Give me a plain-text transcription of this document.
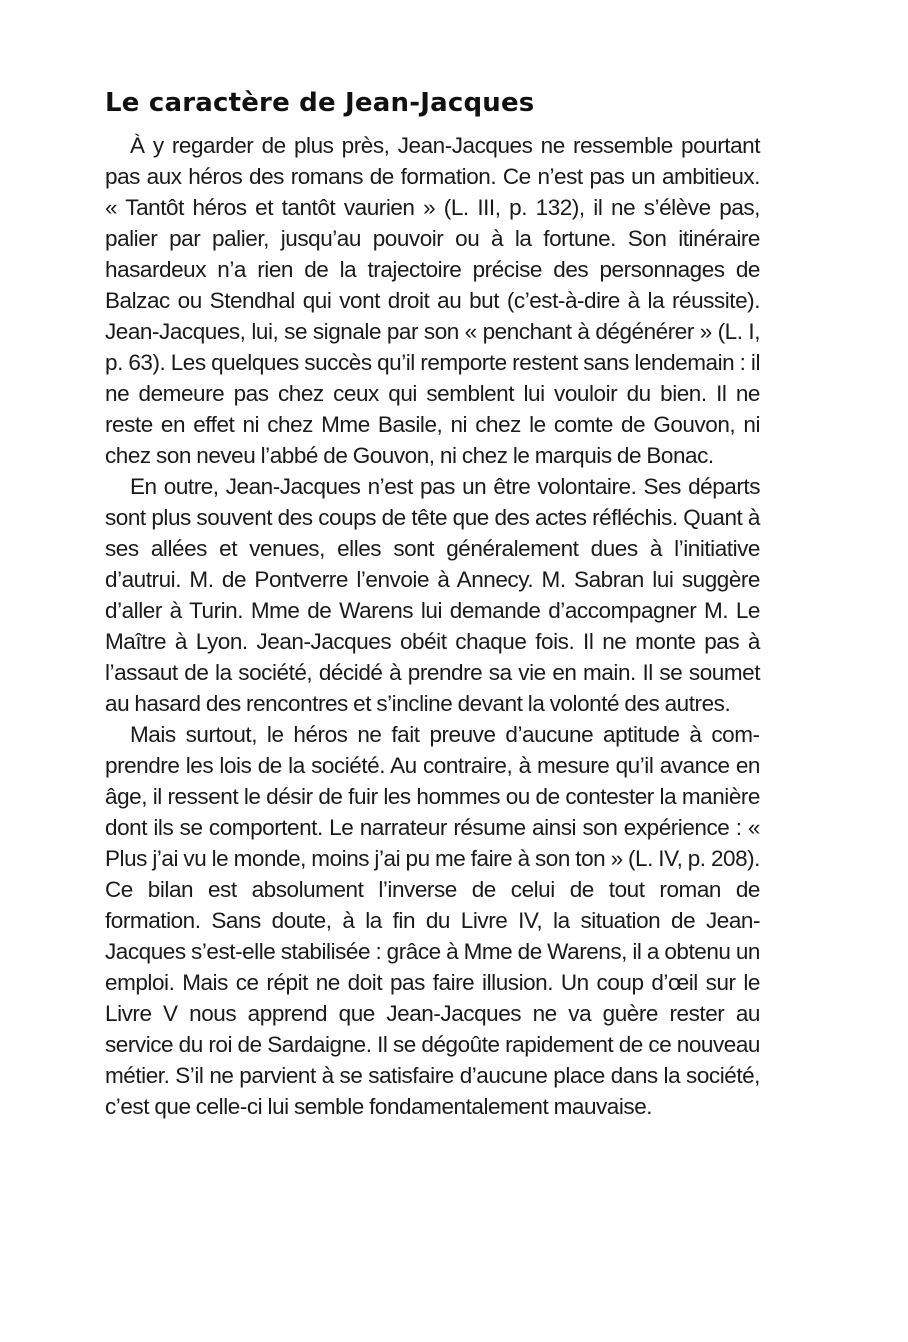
Le caractère de Jean-Jacques

À y regarder de plus près, Jean-Jacques ne ressemble pourtant pas aux héros des romans de formation. Ce n’est pas un ambitieux. « Tantôt héros et tantôt vaurien » (L. III, p. 132), il ne s’élève pas, palier par palier, jusqu’au pouvoir ou à la fortune. Son itinéraire hasardeux n’a rien de la trajectoire précise des personnages de Balzac ou Stendhal qui vont droit au but (c’est-à-dire à la réussite). Jean-Jacques, lui, se signale par son « penchant à dégénérer » (L. I, p. 63). Les quelques succès qu’il remporte restent sans lendemain : il ne demeure pas chez ceux qui semblent lui vouloir du bien. Il ne reste en effet ni chez Mme Basile, ni chez le comte de Gouvon, ni chez son neveu l’abbé de Gouvon, ni chez le marquis de Bonac.

En outre, Jean-Jacques n’est pas un être volontaire. Ses départs sont plus souvent des coups de tête que des actes réfléchis. Quant à ses allées et venues, elles sont généralement dues à l’initiative d’autrui. M. de Pontverre l’envoie à Annecy. M. Sabran lui suggère d’aller à Turin. Mme de Warens lui demande d’accompagner M. Le Maître à Lyon. Jean-Jacques obéit chaque fois. Il ne monte pas à l’assaut de la société, décidé à prendre sa vie en main. Il se soumet au hasard des rencontres et s’incline devant la volonté des autres.

Mais surtout, le héros ne fait preuve d’aucune aptitude à comprendre les lois de la société. Au contraire, à mesure qu’il avance en âge, il ressent le désir de fuir les hommes ou de contester la manière dont ils se comportent. Le narrateur résume ainsi son expérience : « Plus j’ai vu le monde, moins j’ai pu me faire à son ton » (L. IV, p. 208). Ce bilan est absolument l’inverse de celui de tout roman de formation. Sans doute, à la fin du Livre IV, la situation de Jean-Jacques s’est-elle stabilisée : grâce à Mme de Warens, il a obtenu un emploi. Mais ce répit ne doit pas faire illusion. Un coup d’œil sur le Livre V nous apprend que Jean-Jacques ne va guère rester au service du roi de Sardaigne. Il se dégoûte rapidement de ce nouveau métier. S’il ne parvient à se satisfaire d’aucune place dans la société, c’est que celle-ci lui semble fondamentalement mauvaise.
